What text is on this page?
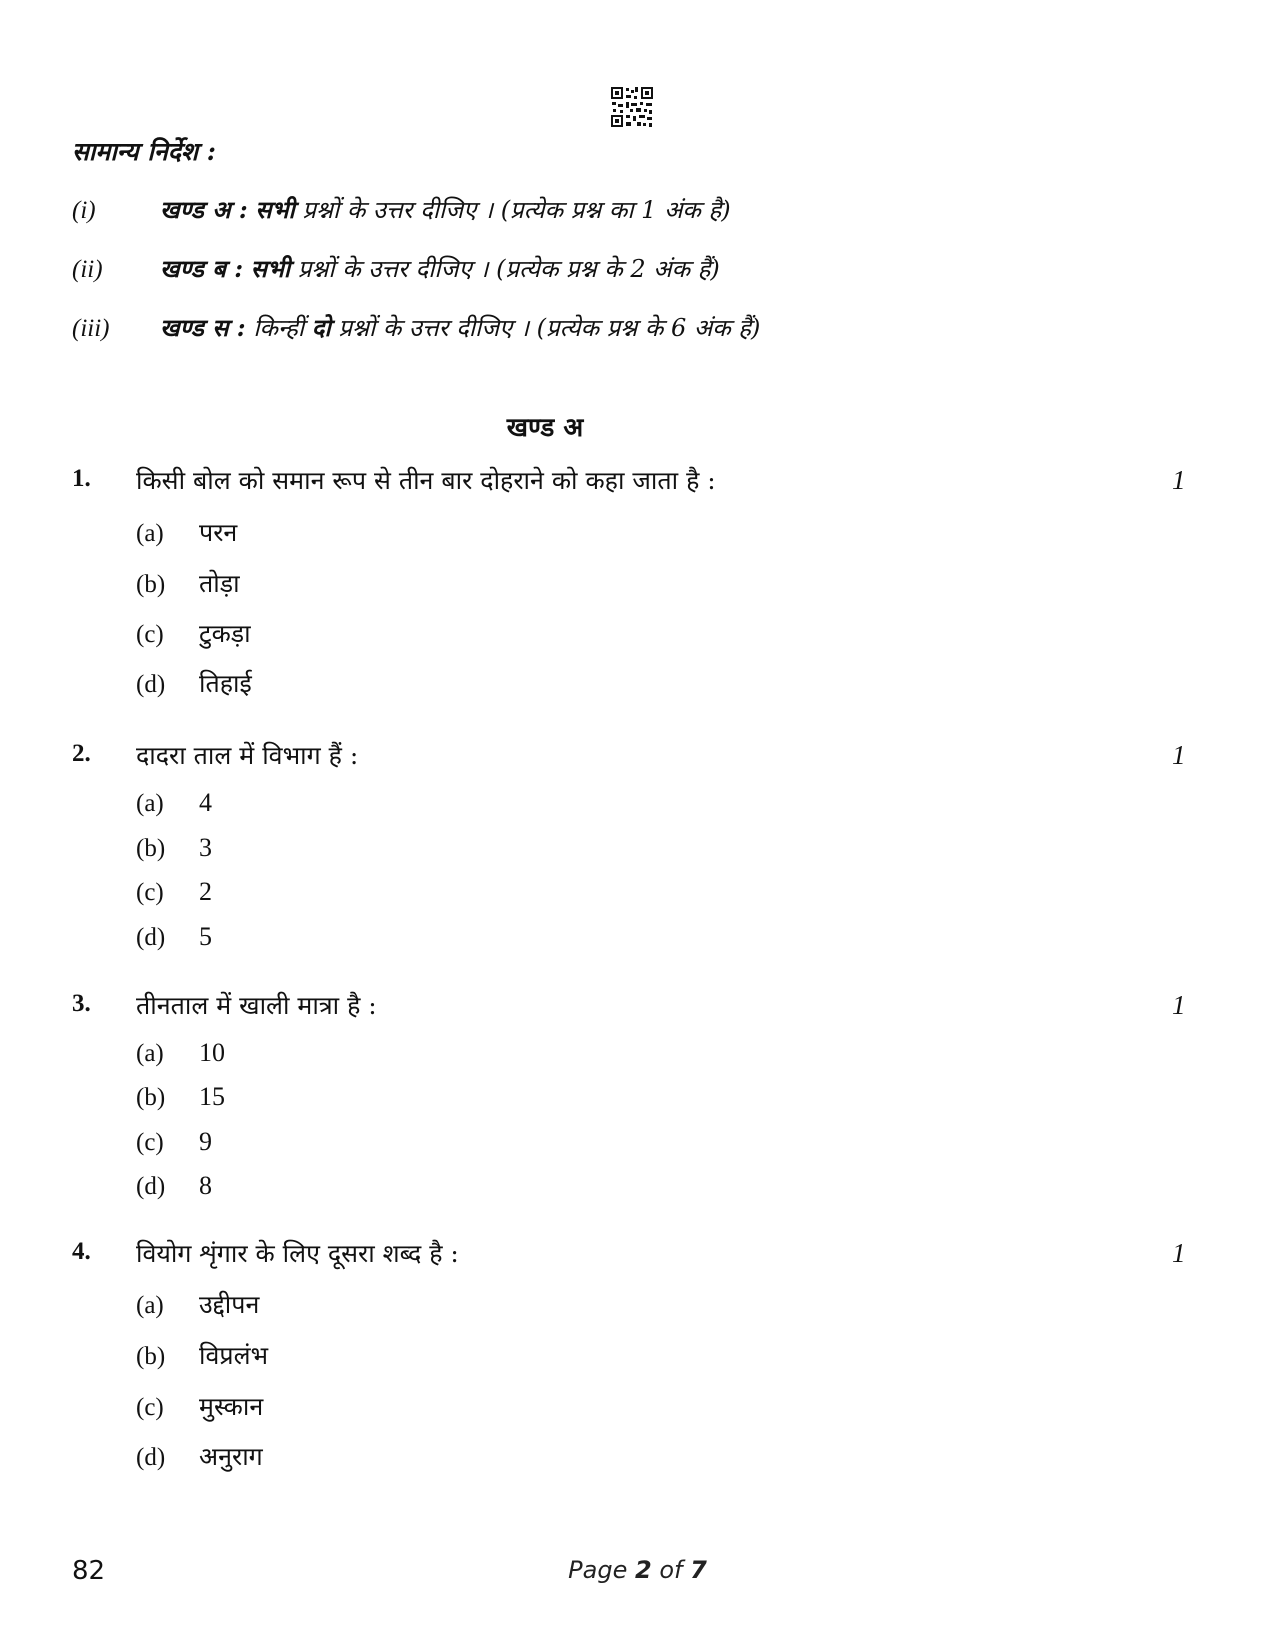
सामान्य निर्देश :
(i)	खण्ड अ : सभी प्रश्नों के उत्तर दीजिए । (प्रत्येक प्रश्न का 1 अंक है)
(ii) खण्ड ब : सभी प्रश्नों के उत्तर दीजिए । (प्रत्येक प्रश्न के 2 अंक हैं)
(iii) खण्ड स : किन्हीं दो प्रश्नों के उत्तर दीजिए । (प्रत्येक प्रश्न के 6 अंक हैं)
खण्ड अ
1. किसी बोल को समान रूप से तीन बार दोहराने को कहा जाता है :	1
(a) परन
(b) तोड़ा
(c) टुकड़ा
(d) तिहाई
2. दादरा ताल में विभाग हैं :	1
(a) 4
(b) 3
(c) 2
(d) 5
3. तीनताल में खाली मात्रा है :	1
(a) 10
(b) 15
(c) 9
(d) 8
4. वियोग शृंगार के लिए दूसरा शब्द है :	1
(a) उद्दीपन
(b) विप्रलंभ
(c) मुस्कान
(d) अनुराग
82	Page 2 of 7
